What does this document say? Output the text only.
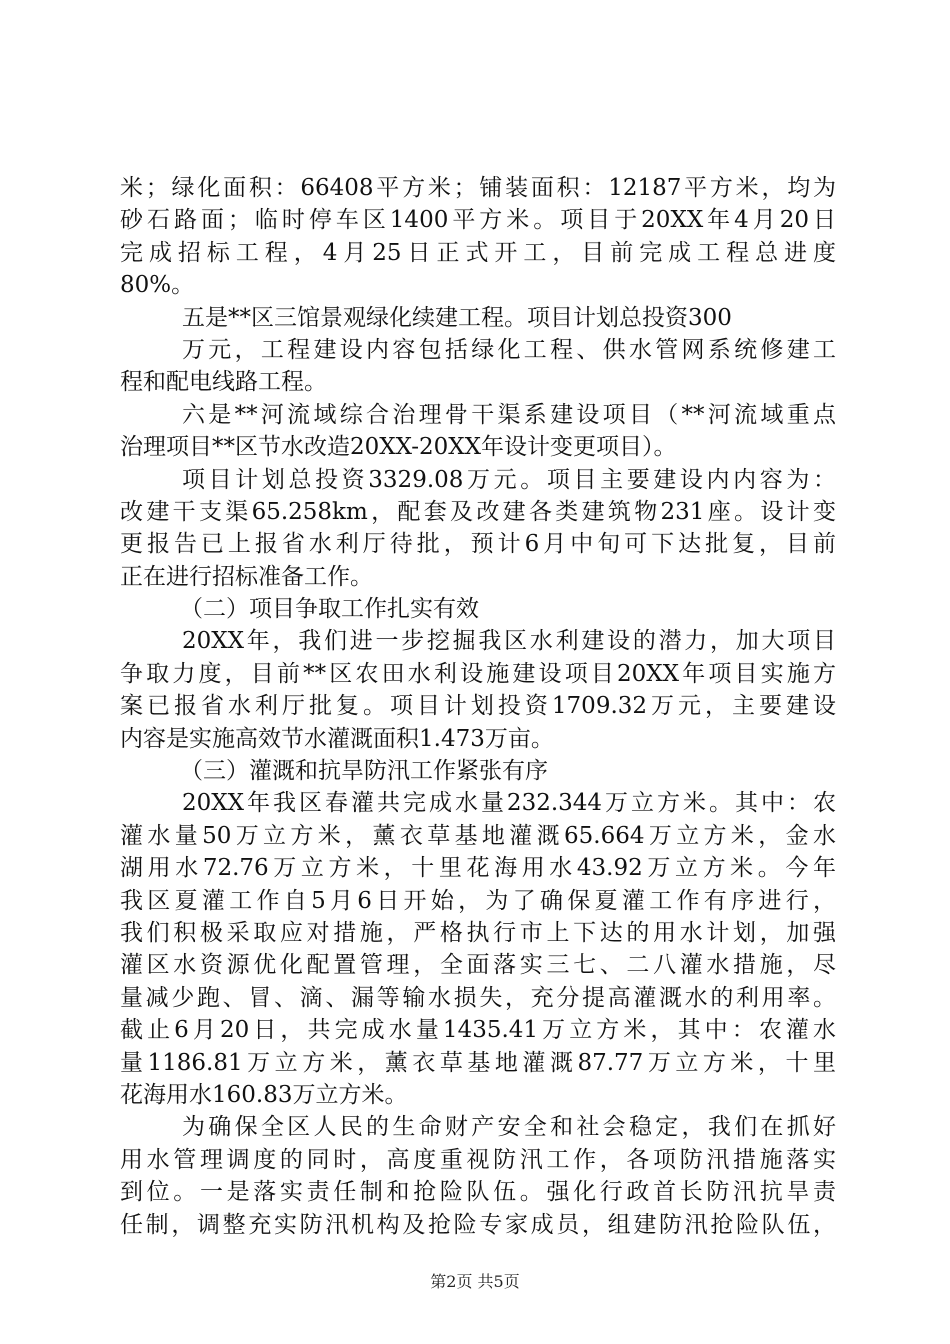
米；绿化面积：66408平方米；铺装面积：12187平方米，均为
砂石路面；临时停车区1400平方米。项目于20XX年4月20日
完成招标工程，4月25日正式开工，目前完成工程总进度
80%。
五是**区三馆景观绿化续建工程。项目计划总投资300
万元，工程建设内容包括绿化工程、供水管网系统修建工
程和配电线路工程。
六是**河流域综合治理骨干渠系建设项目（**河流域重点
治理项目**区节水改造20XX-20XX年设计变更项目）。
项目计划总投资3329.08万元。项目主要建设内内容为：
改建干支渠65.258km，配套及改建各类建筑物231座。设计变
更报告已上报省水利厅待批，预计6月中旬可下达批复，目前
正在进行招标准备工作。
（二）项目争取工作扎实有效
20XX年，我们进一步挖掘我区水利建设的潜力，加大项目
争取力度，目前**区农田水利设施建设项目20XX年项目实施方
案已报省水利厅批复。项目计划投资1709.32万元，主要建设
内容是实施高效节水灌溉面积1.473万亩。
（三）灌溉和抗旱防汛工作紧张有序
20XX年我区春灌共完成水量232.344万立方米。其中：农
灌水量50万立方米，薰衣草基地灌溉65.664万立方米，金水
湖用水72.76万立方米，十里花海用水43.92万立方米。今年
我区夏灌工作自5月6日开始，为了确保夏灌工作有序进行，
我们积极采取应对措施，严格执行市上下达的用水计划，加强
灌区水资源优化配置管理，全面落实三七、二八灌水措施，尽
量减少跑、冒、滴、漏等输水损失，充分提高灌溉水的利用率。
截止6月20日，共完成水量1435.41万立方米，其中：农灌水
量1186.81万立方米，薰衣草基地灌溉87.77万立方米，十里
花海用水160.83万立方米。
为确保全区人民的生命财产安全和社会稳定，我们在抓好
用水管理调度的同时，高度重视防汛工作，各项防汛措施落实
到位。一是落实责任制和抢险队伍。强化行政首长防汛抗旱责
任制，调整充实防汛机构及抢险专家成员，组建防汛抢险队伍，
第2页 共5页
